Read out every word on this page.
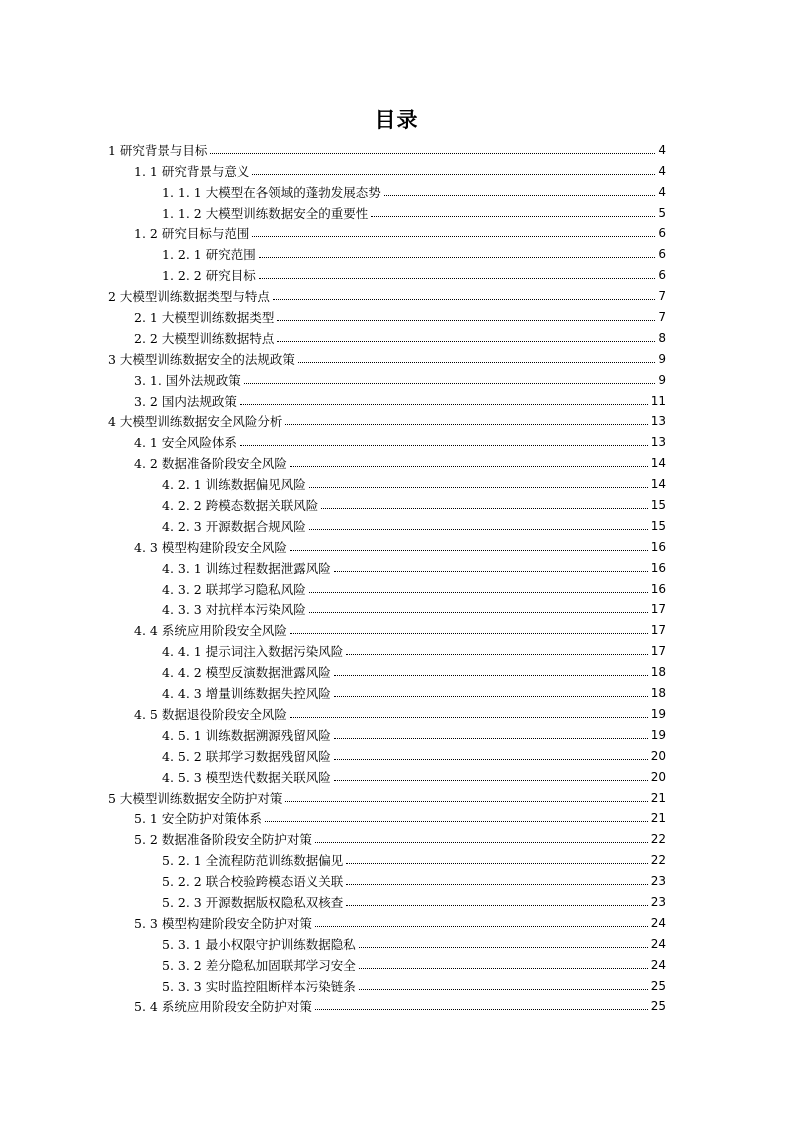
目录
1 研究背景与目标	4
1. 1 研究背景与意义	4
1. 1. 1 大模型在各领域的蓬勃发展态势	4
1. 1. 2 大模型训练数据安全的重要性	5
1. 2 研究目标与范围	6
1. 2. 1 研究范围	6
1. 2. 2 研究目标	6
2 大模型训练数据类型与特点	7
2. 1 大模型训练数据类型	7
2. 2 大模型训练数据特点	8
3 大模型训练数据安全的法规政策	9
3. 1. 国外法规政策	9
3. 2 国内法规政策	11
4 大模型训练数据安全风险分析	13
4. 1 安全风险体系	13
4. 2 数据准备阶段安全风险	14
4. 2. 1 训练数据偏见风险	14
4. 2. 2 跨模态数据关联风险	15
4. 2. 3 开源数据合规风险	15
4. 3 模型构建阶段安全风险	16
4. 3. 1 训练过程数据泄露风险	16
4. 3. 2 联邦学习隐私风险	16
4. 3. 3 对抗样本污染风险	17
4. 4 系统应用阶段安全风险	17
4. 4. 1 提示词注入数据污染风险	17
4. 4. 2 模型反演数据泄露风险	18
4. 4. 3 增量训练数据失控风险	18
4. 5 数据退役阶段安全风险	19
4. 5. 1 训练数据溯源残留风险	19
4. 5. 2 联邦学习数据残留风险	20
4. 5. 3 模型迭代数据关联风险	20
5 大模型训练数据安全防护对策	21
5. 1 安全防护对策体系	21
5. 2 数据准备阶段安全防护对策	22
5. 2. 1 全流程防范训练数据偏见	22
5. 2. 2 联合校验跨模态语义关联	23
5. 2. 3 开源数据版权隐私双核查	23
5. 3 模型构建阶段安全防护对策	24
5. 3. 1 最小权限守护训练数据隐私	24
5. 3. 2 差分隐私加固联邦学习安全	24
5. 3. 3 实时监控阻断样本污染链条	25
5. 4 系统应用阶段安全防护对策	25
